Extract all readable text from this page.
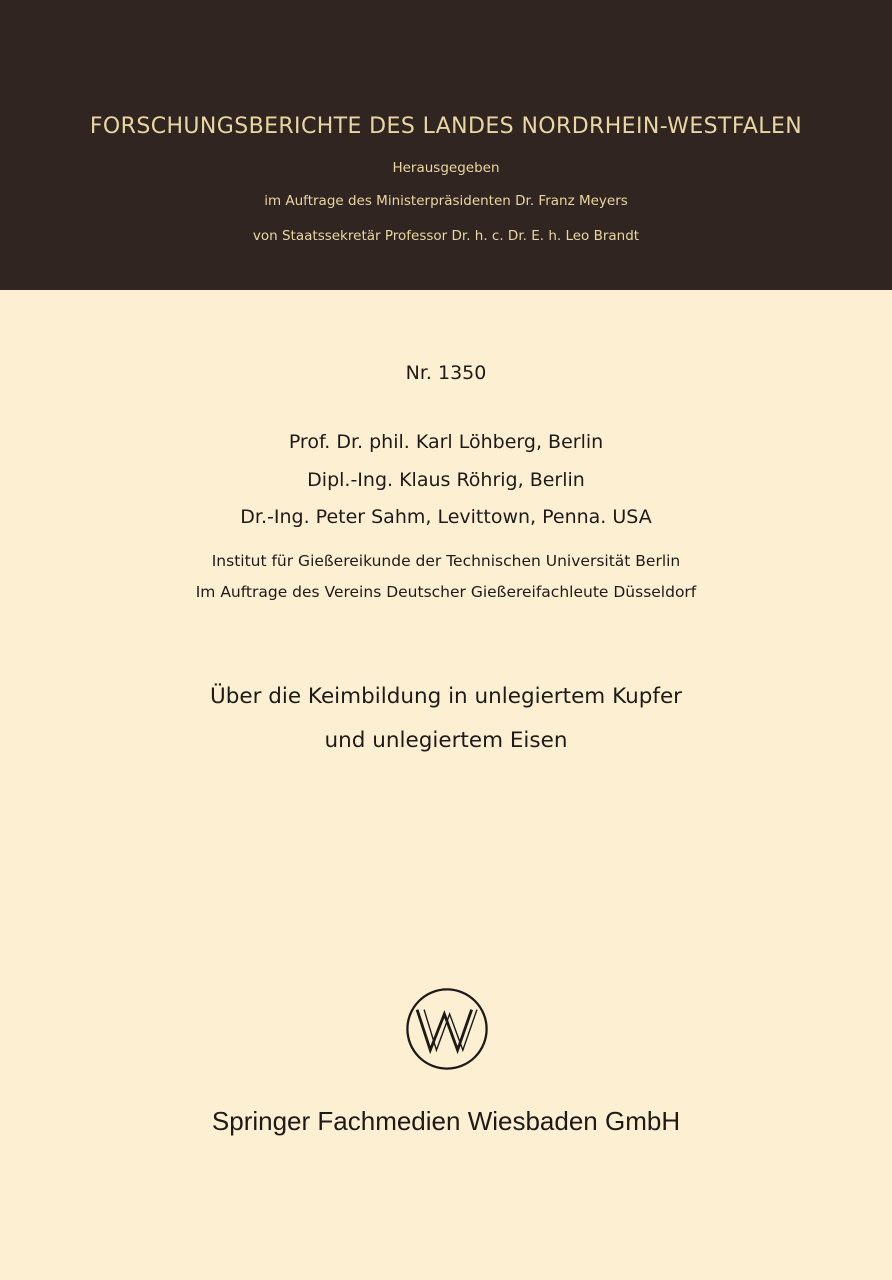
FORSCHUNGSBERICHTE DES LANDES NORDRHEIN-WESTFALEN
Herausgegeben
im Auftrage des Ministerpräsidenten Dr. Franz Meyers
von Staatssekretär Professor Dr. h. c. Dr. E. h. Leo Brandt
Nr. 1350
Prof. Dr. phil. Karl Löhberg, Berlin
Dipl.-Ing. Klaus Röhrig, Berlin
Dr.-Ing. Peter Sahm, Levittown, Penna. USA
Institut für Gießereikunde der Technischen Universität Berlin
Im Auftrage des Vereins Deutscher Gießereifachleute Düsseldorf
Über die Keimbildung in unlegiertem Kupfer
und unlegiertem Eisen
Springer Fachmedien Wiesbaden GmbH
